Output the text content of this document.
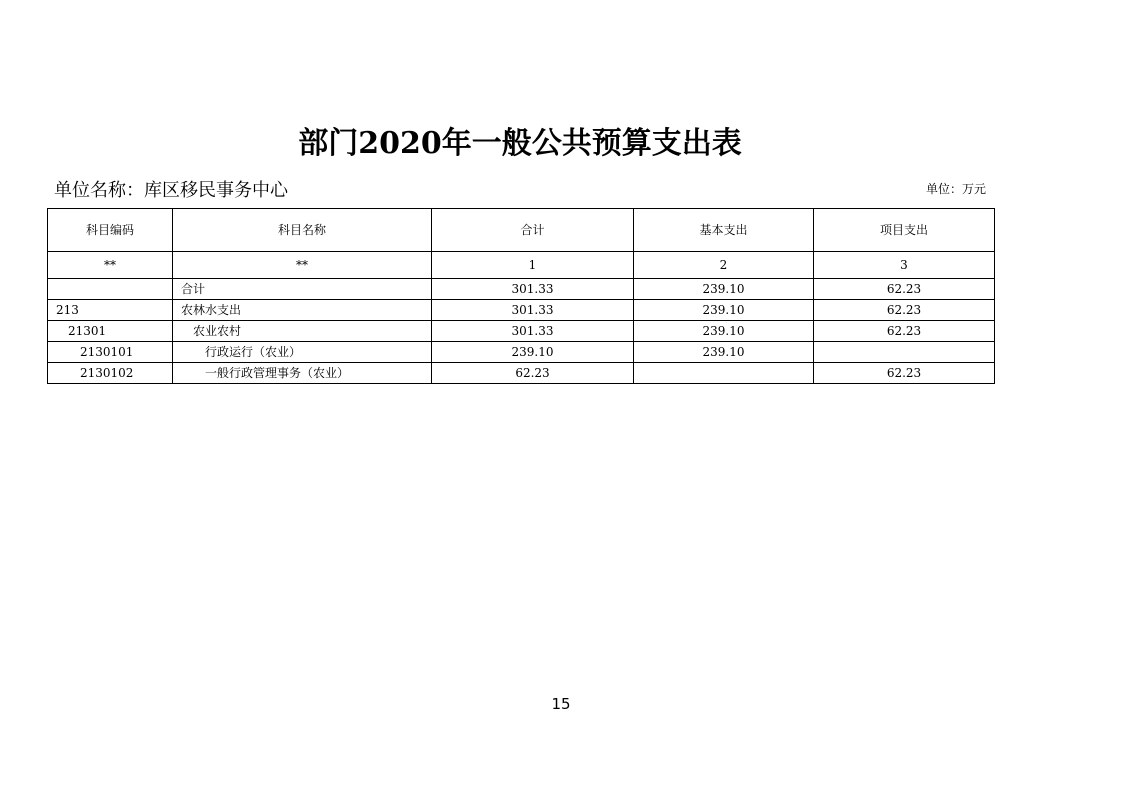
部门2020年一般公共预算支出表
单位名称：库区移民事务中心	单位：万元
科目编码	科目名称	合计	基本支出	项目支出
**	**	1	2	3
	合计	301.33	239.10	62.23
213	农林水支出	301.33	239.10	62.23
21301	农业农村	301.33	239.10	62.23
2130101	行政运行（农业）	239.10	239.10	
2130102	一般行政管理事务（农业）	62.23		62.23
15
